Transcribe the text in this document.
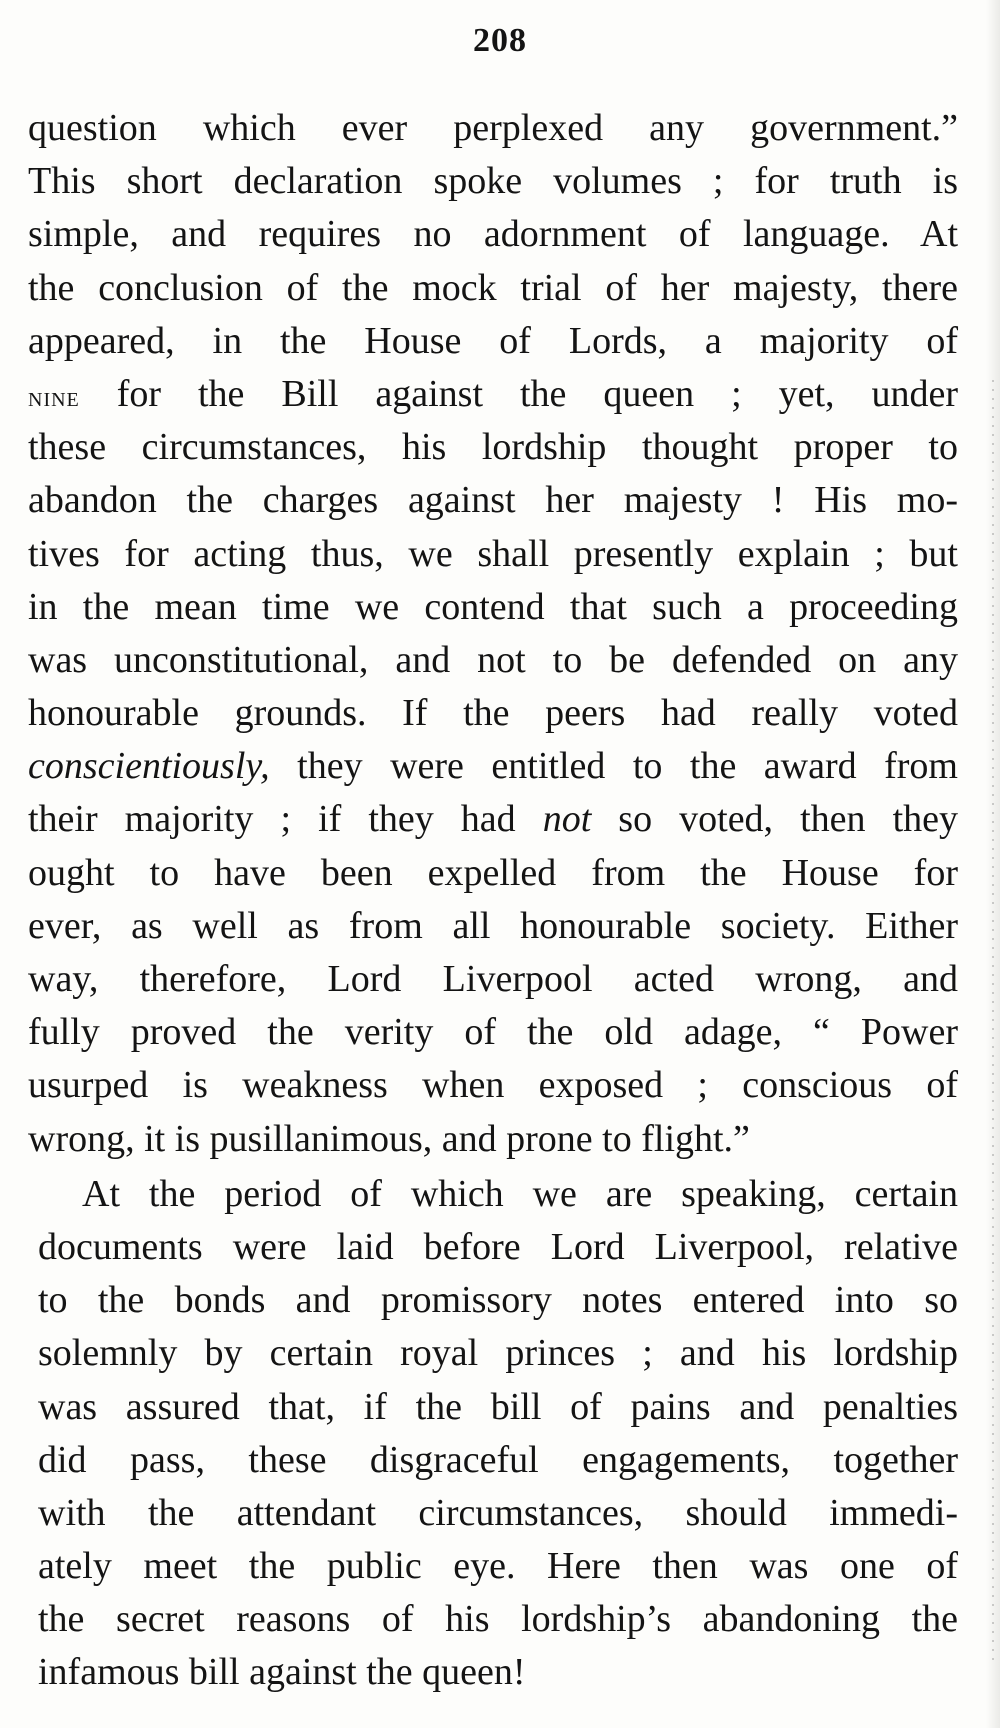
208
question which ever perplexed any government.”
This short declaration spoke volumes ; for truth is
simple, and requires no adornment of language. At
the conclusion of the mock trial of her majesty, there
appeared, in the House of Lords, a majority of
nine for the Bill against the queen ; yet, under
these circumstances, his lordship thought proper to
abandon the charges against her majesty ! His mo-
tives for acting thus, we shall presently explain ; but
in the mean time we contend that such a proceeding
was unconstitutional, and not to be defended on any
honourable grounds. If the peers had really voted
conscientiously, they were entitled to the award from
their majority ; if they had not so voted, then they
ought to have been expelled from the House for
ever, as well as from all honourable society. Either
way, therefore, Lord Liverpool acted wrong, and
fully proved the verity of the old adage, “ Power
usurped is weakness when exposed ; conscious of
wrong, it is pusillanimous, and prone to flight.”
At the period of which we are speaking, certain
documents were laid before Lord Liverpool, relative
to the bonds and promissory notes entered into so
solemnly by certain royal princes ; and his lordship
was assured that, if the bill of pains and penalties
did pass, these disgraceful engagements, together
with the attendant circumstances, should immedi-
ately meet the public eye. Here then was one of
the secret reasons of his lordship’s abandoning the
infamous bill against the queen!
